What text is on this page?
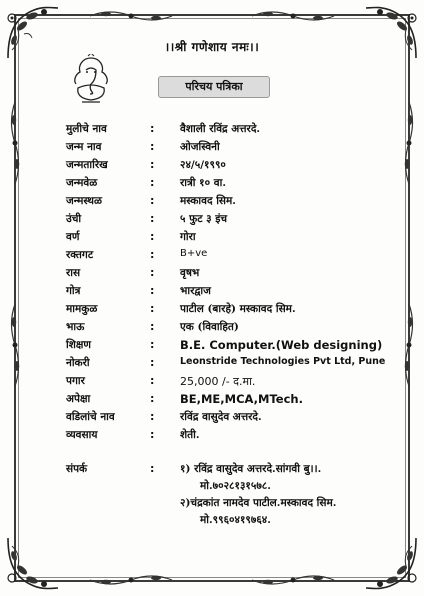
।।श्री गणेशाय नमः।।
परिचय पत्रिका
मुलीचे नाव	: वैशाली रविंद्र अत्तरदे.
जन्म नाव	: ओजस्विनी
जन्मतारिख	: २४/५/१९९०
जन्मवेळ	: रात्री १० वा.
जन्मस्थळ	: मस्कावद सिम.
उंची	: ५ फुट ३ इंच
वर्ण	: गोरा
रक्तगट	:	B+ve
रास	: वृषभ
गोत्र	: भारद्वाज
मामकुळ	: पाटील (बारहे) मस्कावद सिम.
भाऊ	: एक (विवाहित)
शिक्षण	: B.E. Computer.(Web designing)
नोकरी	:	Leonstride Technologies Pvt Ltd, Pune
पगार	: 25,000 /- द.मा.
अपेक्षा	: BE,ME,MCA,MTech.
वडिलांचे नाव	: रविंद्र वासुदेव अत्तरदे.
व्यवसाय	: शेती.
संपर्क	: १) रविंद्र वासुदेव अत्तरदे.सांगवी बु।।.
मो.७०२८१३१५७८.
२)चंद्रकांत नामदेव पाटील.मस्कावद सिम.
मो.९९६०४१९७६४.
